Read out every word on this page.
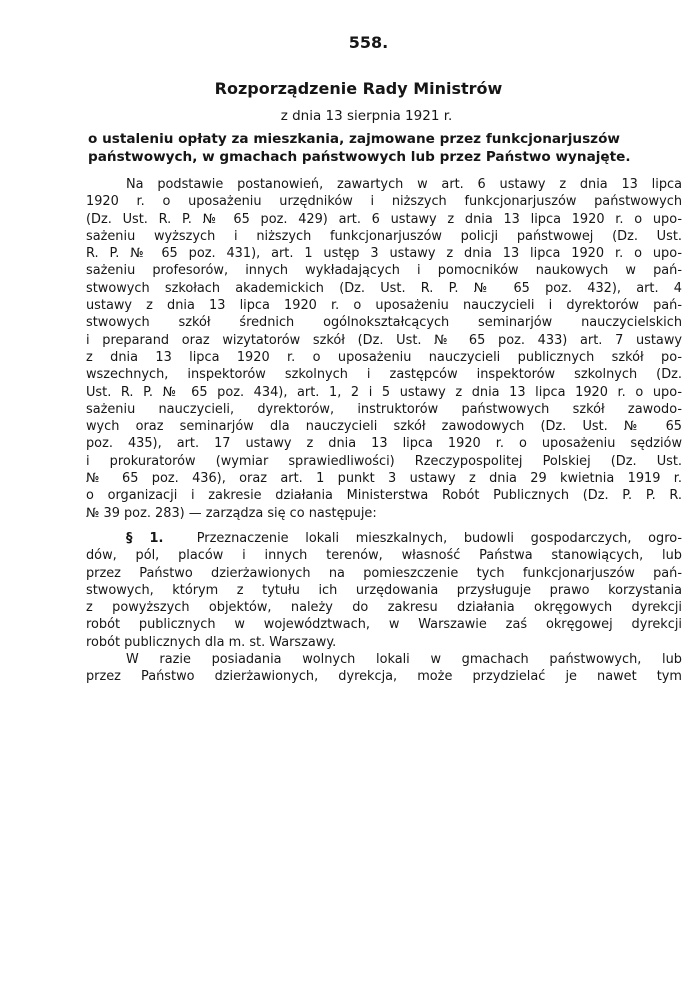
558.
Rozporządzenie Rady Ministrów
z dnia 13 sierpnia 1921 r.
o ustaleniu opłaty za mieszkania, zajmowane przez funkcjonarjuszów
państwowych, w gmachach państwowych lub przez Państwo wynajęte.
Na podstawie postanowień, zawartych w art. 6 ustawy z dnia 13 lipca
1920 r. o uposażeniu urzędników i niższych funkcjonarjuszów państwowych
(Dz. Ust. R. P. № 65 poz. 429) art. 6 ustawy z dnia 13 lipca 1920 r. o upo-
sażeniu wyższych i niższych funkcjonarjuszów policji państwowej (Dz. Ust.
R. P. № 65 poz. 431), art. 1 ustęp 3 ustawy z dnia 13 lipca 1920 r. o upo-
sażeniu profesorów, innych wykładających i pomocników naukowych w pań-
stwowych szkołach akademickich (Dz. Ust. R. P. № 65 poz. 432), art. 4
ustawy z dnia 13 lipca 1920 r. o uposażeniu nauczycieli i dyrektorów pań-
stwowych szkół średnich ogólnokształcących seminarjów nauczycielskich
i preparand oraz wizytatorów szkół (Dz. Ust. № 65 poz. 433) art. 7 ustawy
z dnia 13 lipca 1920 r. o uposażeniu nauczycieli publicznych szkół po-
wszechnych, inspektorów szkolnych i zastępców inspektorów szkolnych (Dz.
Ust. R. P. № 65 poz. 434), art. 1, 2 i 5 ustawy z dnia 13 lipca 1920 r. o upo-
sażeniu nauczycieli, dyrektorów, instruktorów państwowych szkół zawodo-
wych oraz seminarjów dla nauczycieli szkół zawodowych (Dz. Ust. № 65
poz. 435), art. 17 ustawy z dnia 13 lipca 1920 r. o uposażeniu sędziów
i prokuratorów (wymiar sprawiedliwości) Rzeczypospolitej Polskiej (Dz. Ust.
№ 65 poz. 436), oraz art. 1 punkt 3 ustawy z dnia 29 kwietnia 1919 r.
o organizacji i zakresie działania Ministerstwa Robót Publicznych (Dz. P. P. R.
№ 39 poz. 283) — zarządza się co następuje:
§ 1.	Przeznaczenie lokali mieszkalnych, budowli gospodarczych, ogro-
dów, pól, placów i innych terenów, własność Państwa stanowiących, lub
przez Państwo dzierżawionych na pomieszczenie tych funkcjonarjuszów pań-
stwowych, którym z tytułu ich urzędowania przysługuje prawo korzystania
z powyższych objektów, należy do zakresu działania okręgowych dyrekcji
robót publicznych w województwach, w Warszawie zaś okręgowej dyrekcji
robót publicznych dla m. st. Warszawy.
W razie posiadania wolnych lokali w gmachach państwowych, lub
przez Państwo dzierżawionych, dyrekcja, może przydzielać je nawet tym
